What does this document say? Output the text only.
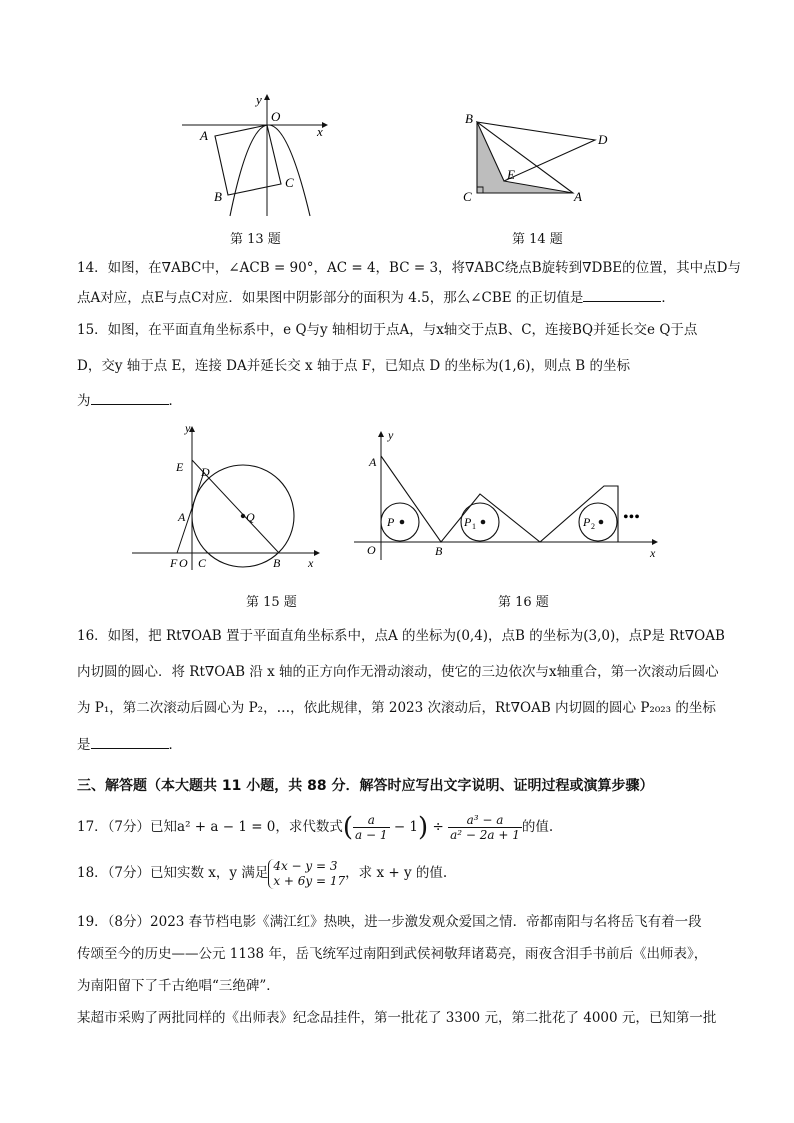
y
O
x
A
B
C
第 13 题
B
D
E
C	A
第 14 题
14．如图，在∇ABC中，∠ACB = 90°，AC = 4，BC = 3，将∇ABC绕点B旋转到∇DBE的位置，其中点D与
点A对应，点E与点C对应．如果图中阴影部分的面积为 4.5，那么∠CBE 的正切值是	．
15．如图，在平面直角坐标系中，e Q与y 轴相切于点A，与x轴交于点B、C，连接BQ并延长交e Q于点
D，交y 轴于点 E，连接 DA并延长交 x 轴于点 F，已知点 D 的坐标为(1,6)，则点 B 的坐标
为	．
y
E D
A	Q
F O C	B x
第 15 题
y
A
P	P 1	P 2
•••
O	B	x
第 16 题
16．如图，把 Rt∇OAB 置于平面直角坐标系中，点A 的坐标为(0,4)，点B 的坐标为(3,0)，点P是 Rt∇OAB
内切圆的圆心．将 Rt∇OAB 沿 x 轴的正方向作无滑动滚动，使它的三边依次与x轴重合，第一次滚动后圆心
为 P₁，第二次滚动后圆心为 P₂，…，依此规律，第 2023 次滚动后，Rt∇OAB 内切圆的圆心 P₂₀₂₃ 的坐标
是	．
三、解答题（本大题共 11 小题，共 88 分．解答时应写出文字说明、证明过程或演算步骤）
17．（7分）已知a² + a − 1 = 0，求代数式( $\frac{a}{a - 1} - 1) \div \frac{\text{a³ − a}}{\text{a² − 2a + 1}}$ 的值.
18．（7分）已知实数 x，y 满足 4x − y = 3
x + 6y = 17 ，求 x + y 的值.
19．（8分）2023 春节档电影《满江红》热映，进一步激发观众爱国之情．帝都南阳与名将岳飞有着一段
传颂至今的历史——公元 1138 年，岳飞统军过南阳到武侯祠敬拜诸葛亮，雨夜含泪手书前后《出师表》，
为南阳留下了千古绝唱“三绝碑”．
某超市采购了两批同样的《出师表》纪念品挂件，第一批花了 3300 元，第二批花了 4000 元，已知第一批
